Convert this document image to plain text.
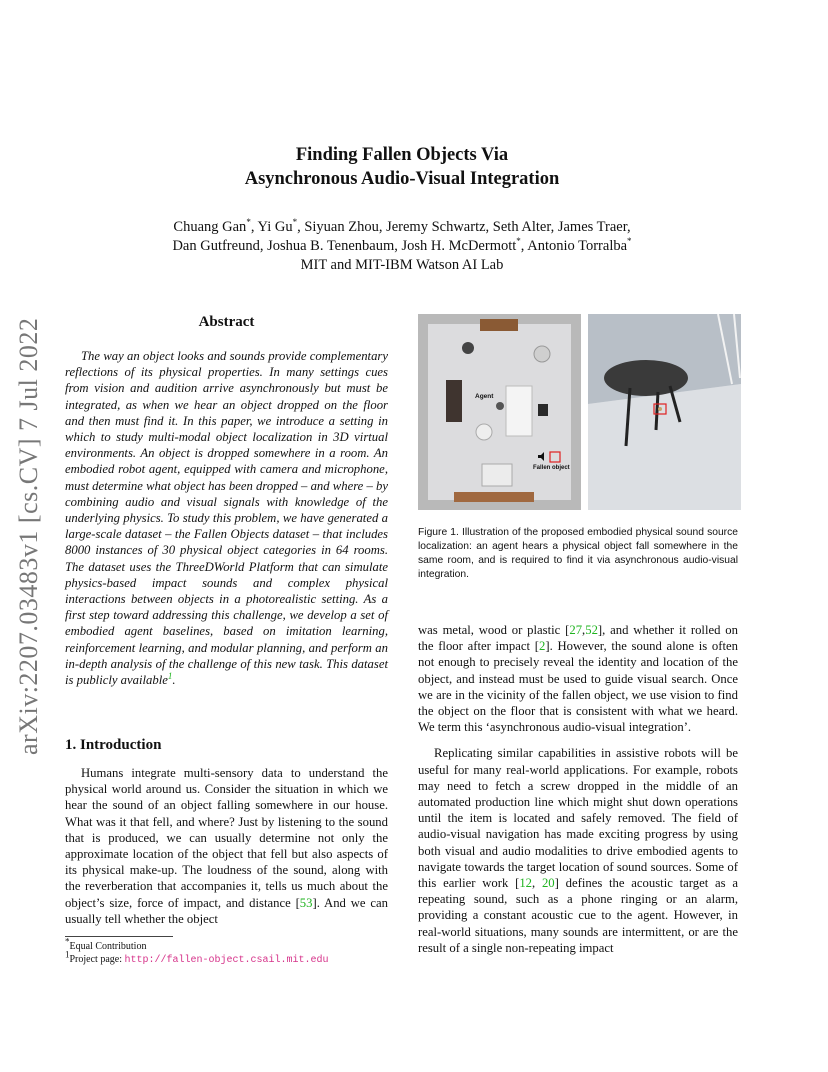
arXiv:2207.03483v1 [cs.CV] 7 Jul 2022
Finding Fallen Objects Via
Asynchronous Audio-Visual Integration
Chuang Gan*, Yi Gu*, Siyuan Zhou, Jeremy Schwartz, Seth Alter, James Traer,
Dan Gutfreund, Joshua B. Tenenbaum, Josh H. McDermott*, Antonio Torralba*
MIT and MIT-IBM Watson AI Lab
Abstract

The way an object looks and sounds provide complementary reflections of its physical properties. In many settings cues from vision and audition arrive asynchronously but must be integrated, as when we hear an object dropped on the floor and then must find it. In this paper, we introduce a setting in which to study multi-modal object localization in 3D virtual environments. An object is dropped somewhere in a room. An embodied robot agent, equipped with camera and microphone, must determine what object has been dropped – and where – by combining audio and visual signals with knowledge of the underlying physics. To study this problem, we have generated a large-scale dataset – the Fallen Objects dataset – that includes 8000 instances of 30 physical object categories in 64 rooms. The dataset uses the ThreeDWorld Platform that can simulate physics-based impact sounds and complex physical interactions between objects in a photorealistic setting. As a first step toward addressing this challenge, we develop a set of embodied agent baselines, based on imitation learning, reinforcement learning, and modular planning, and perform an in-depth analysis of the challenge of this new task. This dataset is publicly available$^1$.

1. Introduction

Humans integrate multi-sensory data to understand the physical world around us. Consider the situation in which we hear the sound of an object falling somewhere in our house. What was it that fell, and where? Just by listening to the sound that is produced, we can usually determine not only the approximate location of the object that fell but also aspects of its physical make-up. The loudness of the sound, along with the reverberation that accompanies it, tells us much about the object’s size, force of impact, and distance [53]. And we can usually tell whether the object

*Equal Contribution
$^1$Project page: http://fallen-object.csail.mit.edu
Agent
Fallen object
Figure 1. Illustration of the proposed embodied physical sound source localization: an agent hears a physical object fall somewhere in the same room, and is required to find it via asynchronous audio-visual integration.

was metal, wood or plastic [27,52], and whether it rolled on the floor after impact [2]. However, the sound alone is often not enough to precisely reveal the identity and location of the object, and instead must be used to guide visual search. Once we are in the vicinity of the fallen object, we use vision to find the object on the floor that is consistent with what we heard. We term this ‘asynchronous audio-visual integration’.

Replicating similar capabilities in assistive robots will be useful for many real-world applications. For example, robots may need to fetch a screw dropped in the middle of an automated production line which might shut down operations until the item is located and safely removed. The field of audio-visual navigation has made exciting progress by using both visual and audio modalities to drive embodied agents to navigate towards the target location of sound sources. Some of this earlier work [12, 20] defines the acoustic target as a repeating sound, such as a phone ringing or an alarm, providing a constant acoustic cue to the agent. However, in real-world situations, many sounds are intermittent, or are the result of a single non-repeating impact
